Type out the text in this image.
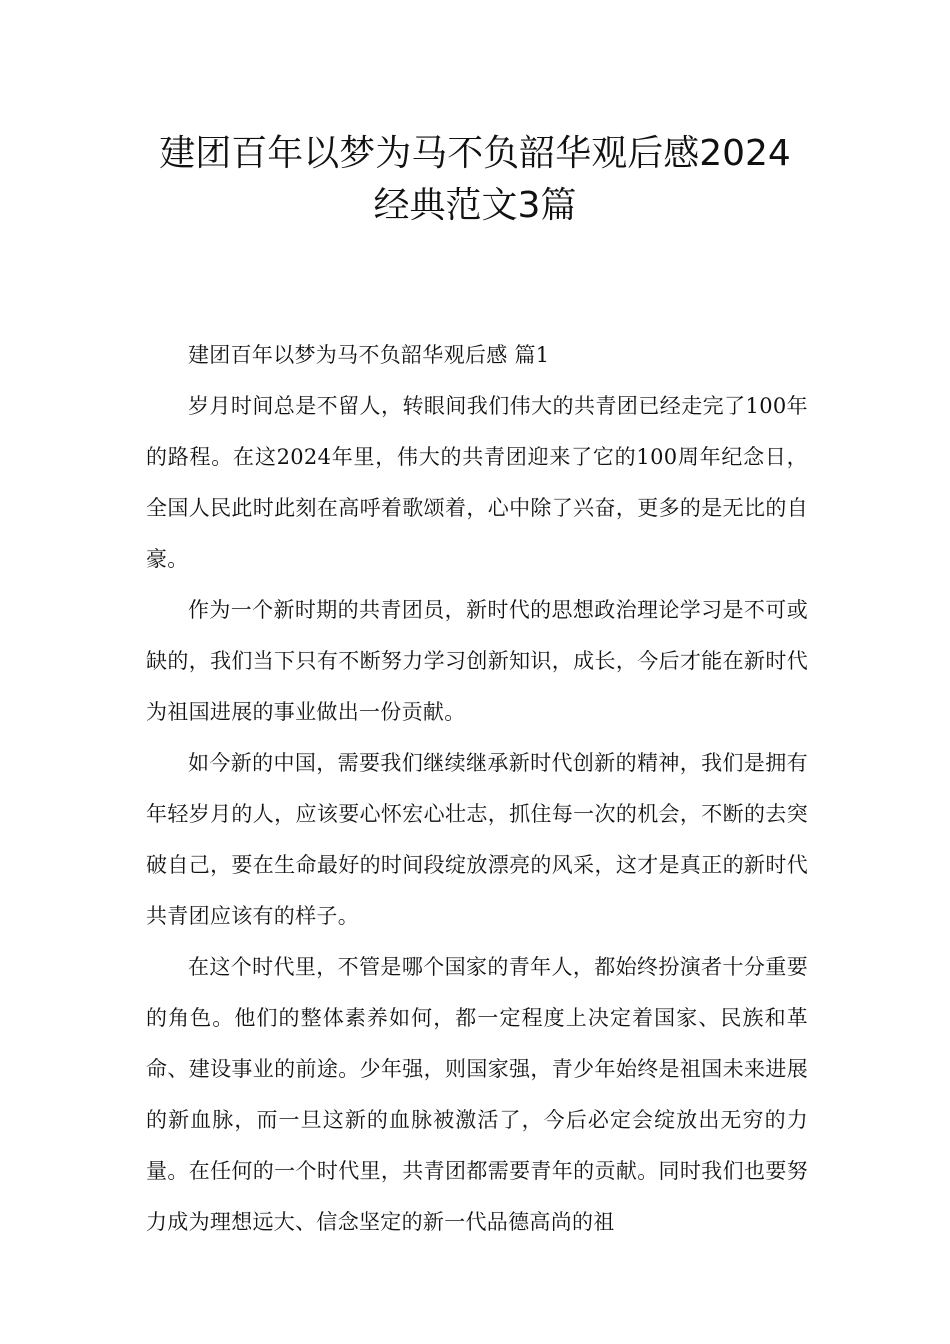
建团百年以梦为马不负韶华观后感2024
经典范文3篇

建团百年以梦为马不负韶华观后感 篇1

岁月时间总是不留人，转眼间我们伟大的共青团已经走完了100年的路程。在这2024年里，伟大的共青团迎来了它的100周年纪念日，全国人民此时此刻在高呼着歌颂着，心中除了兴奋，更多的是无比的自豪。

作为一个新时期的共青团员，新时代的思想政治理论学习是不可或缺的，我们当下只有不断努力学习创新知识，成长，今后才能在新时代为祖国进展的事业做出一份贡献。

如今新的中国，需要我们继续继承新时代创新的精神，我们是拥有年轻岁月的人，应该要心怀宏心壮志，抓住每一次的机会，不断的去突破自己，要在生命最好的时间段绽放漂亮的风采，这才是真正的新时代共青团应该有的样子。

在这个时代里，不管是哪个国家的青年人，都始终扮演者十分重要的角色。他们的整体素养如何，都一定程度上决定着国家、民族和革命、建设事业的前途。少年强，则国家强，青少年始终是祖国未来进展的新血脉，而一旦这新的血脉被激活了，今后必定会绽放出无穷的力量。在任何的一个时代里，共青团都需要青年的贡献。同时我们也要努力成为理想远大、信念坚定的新一代品德高尚的祖
